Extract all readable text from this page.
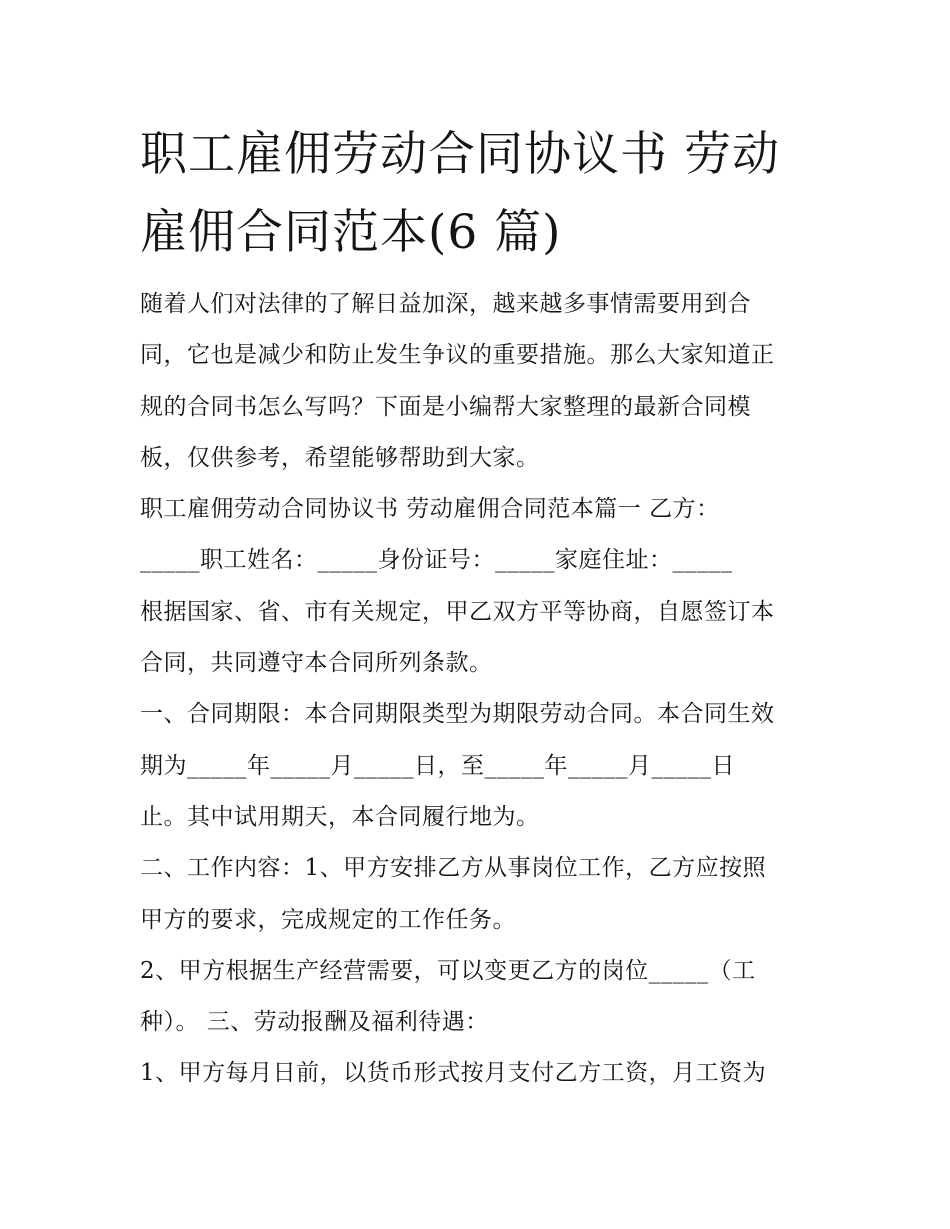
职工雇佣劳动合同协议书 劳动
雇佣合同范本(6 篇)
随着人们对法律的了解日益加深，越来越多事情需要用到合
同，它也是减少和防止发生争议的重要措施。那么大家知道正
规的合同书怎么写吗？下面是小编帮大家整理的最新合同模
板，仅供参考，希望能够帮助到大家。
职工雇佣劳动合同协议书 劳动雇佣合同范本篇一 乙方：
_____职工姓名：_____身份证号：_____家庭住址：_____
根据国家、省、市有关规定，甲乙双方平等协商，自愿签订本
合同，共同遵守本合同所列条款。
一、合同期限：本合同期限类型为期限劳动合同。本合同生效
期为_____年_____月_____日，至_____年_____月_____日
止。其中试用期天，本合同履行地为。
二、工作内容：1、甲方安排乙方从事岗位工作，乙方应按照
甲方的要求，完成规定的工作任务。
2、甲方根据生产经营需要，可以变更乙方的岗位_____（工
种）。 三、劳动报酬及福利待遇：
1、甲方每月日前，以货币形式按月支付乙方工资，月工资为
